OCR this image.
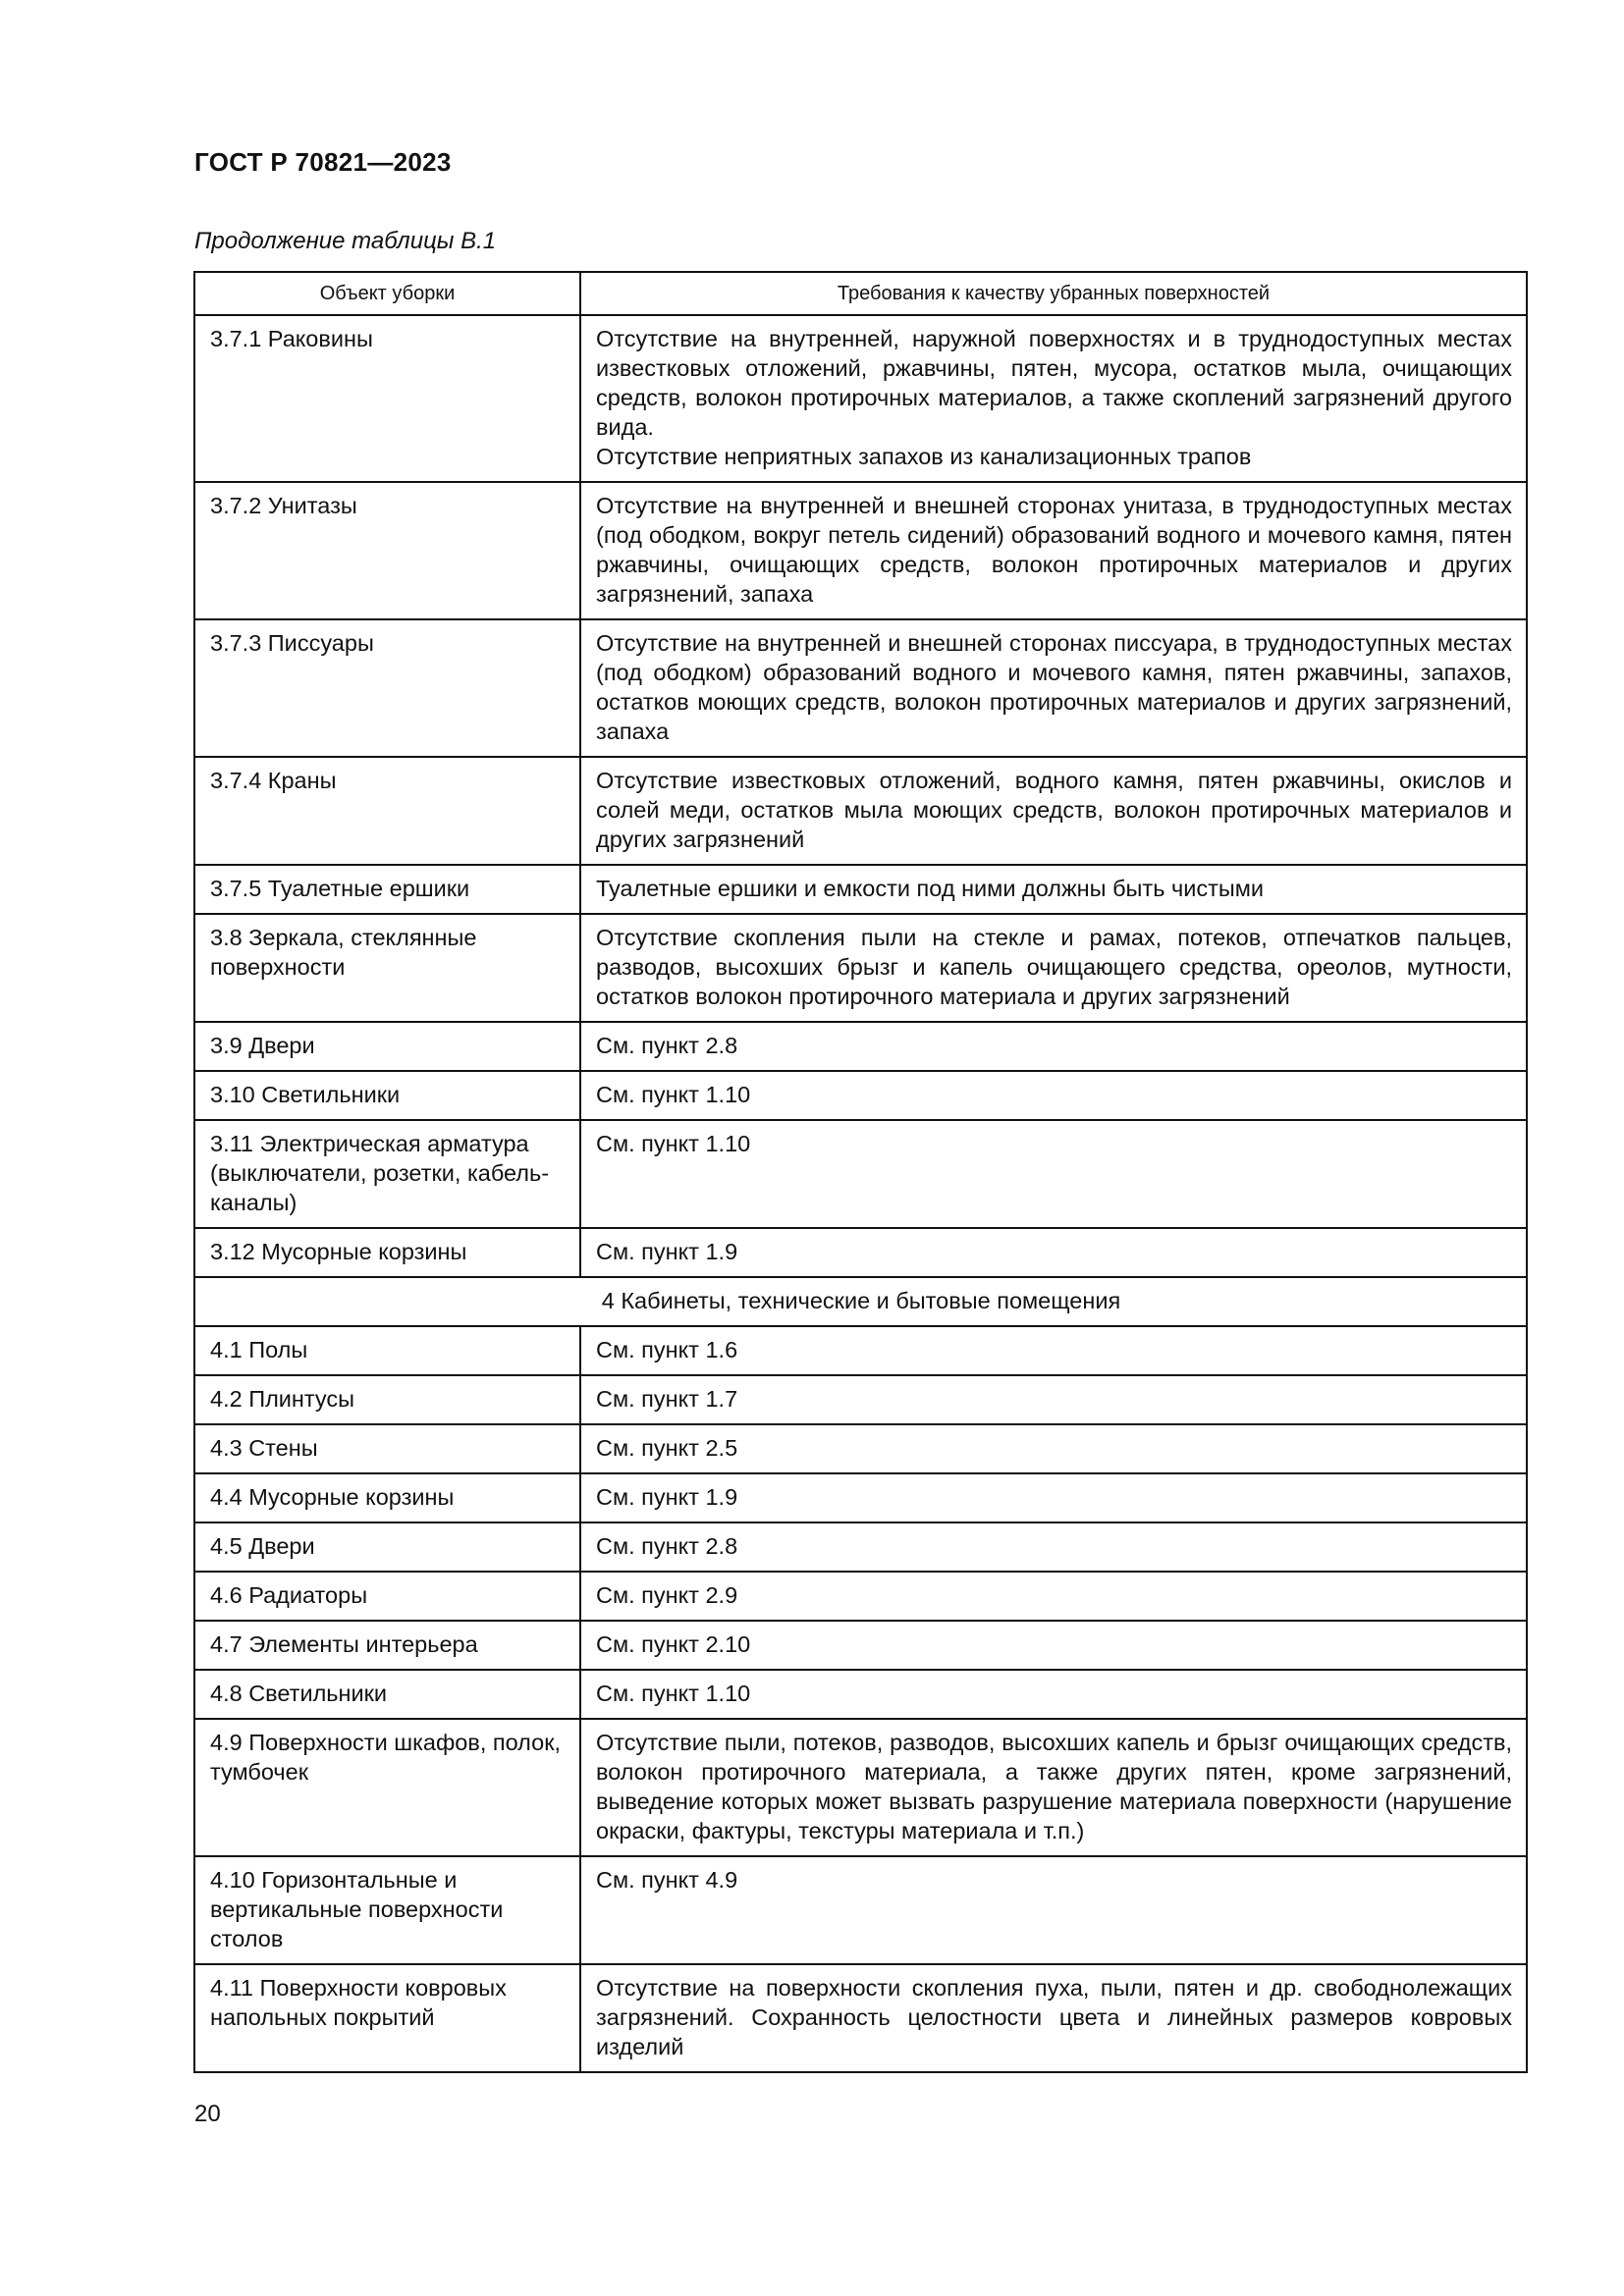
ГОСТ Р 70821—2023

Продолжение таблицы В.1

Объект уборки	Требования к качеству убранных поверхностей
3.7.1 Раковины	Отсутствие на внутренней, наружной поверхностях и в труднодоступных местах известковых отложений, ржавчины, пятен, мусора, остатков мыла, очищающих средств, волокон протирочных материалов, а также скоплений загрязнений другого вида.
Отсутствие неприятных запахов из канализационных трапов

3.7.2 Унитазы	Отсутствие на внутренней и внешней сторонах унитаза, в труднодоступных местах (под ободком, вокруг петель сидений) образований водного и мочевого камня, пятен ржавчины, очищающих средств, волокон протирочных материалов и других загрязнений, запаха

3.7.3 Писсуары	Отсутствие на внутренней и внешней сторонах писсуара, в труднодоступных местах (под ободком) образований водного и мочевого камня, пятен ржавчины, запахов, остатков моющих средств, волокон протирочных материалов и других загрязнений, запаха

3.7.4 Краны	Отсутствие известковых отложений, водного камня, пятен ржавчины, окислов и солей меди, остатков мыла моющих средств, волокон протирочных материалов и других загрязнений

3.7.5 Туалетные ершики	Туалетные ершики и емкости под ними должны быть чистыми

3.8 Зеркала, стеклянные поверхности	Отсутствие скопления пыли на стекле и рамах, потеков, отпечатков пальцев, разводов, высохших брызг и капель очищающего средства, ореолов, мутности, остатков волокон протирочного материала и других загрязнений

3.9 Двери	См. пункт 2.8

3.10 Светильники	См. пункт 1.10

3.11 Электрическая арматура (выключатели, розетки, кабель-каналы)	См. пункт 1.10

3.12 Мусорные корзины	См. пункт 1.9

4 Кабинеты, технические и бытовые помещения	
4.1 Полы	См. пункт 1.6

4.2 Плинтусы	См. пункт 1.7

4.3 Стены	См. пункт 2.5

4.4 Мусорные корзины	См. пункт 1.9

4.5 Двери	См. пункт 2.8

4.6 Радиаторы	См. пункт 2.9

4.7 Элементы интерьера	См. пункт 2.10

4.8 Светильники	См. пункт 1.10

4.9 Поверхности шкафов, полок, тумбочек	Отсутствие пыли, потеков, разводов, высохших капель и брызг очищающих средств, волокон протирочного материала, а также других пятен, кроме загрязнений, выведение которых может вызвать разрушение материала поверхности (нарушение окраски, фактуры, текстуры материала и т.п.)

4.10 Горизонтальные и вертикальные поверхности столов	См. пункт 4.9

4.11 Поверхности ковровых напольных покрытий	Отсутствие на поверхности скопления пуха, пыли, пятен и др. свободнолежащих загрязнений. Сохранность целостности цвета и линейных размеров ковровых изделий

20
